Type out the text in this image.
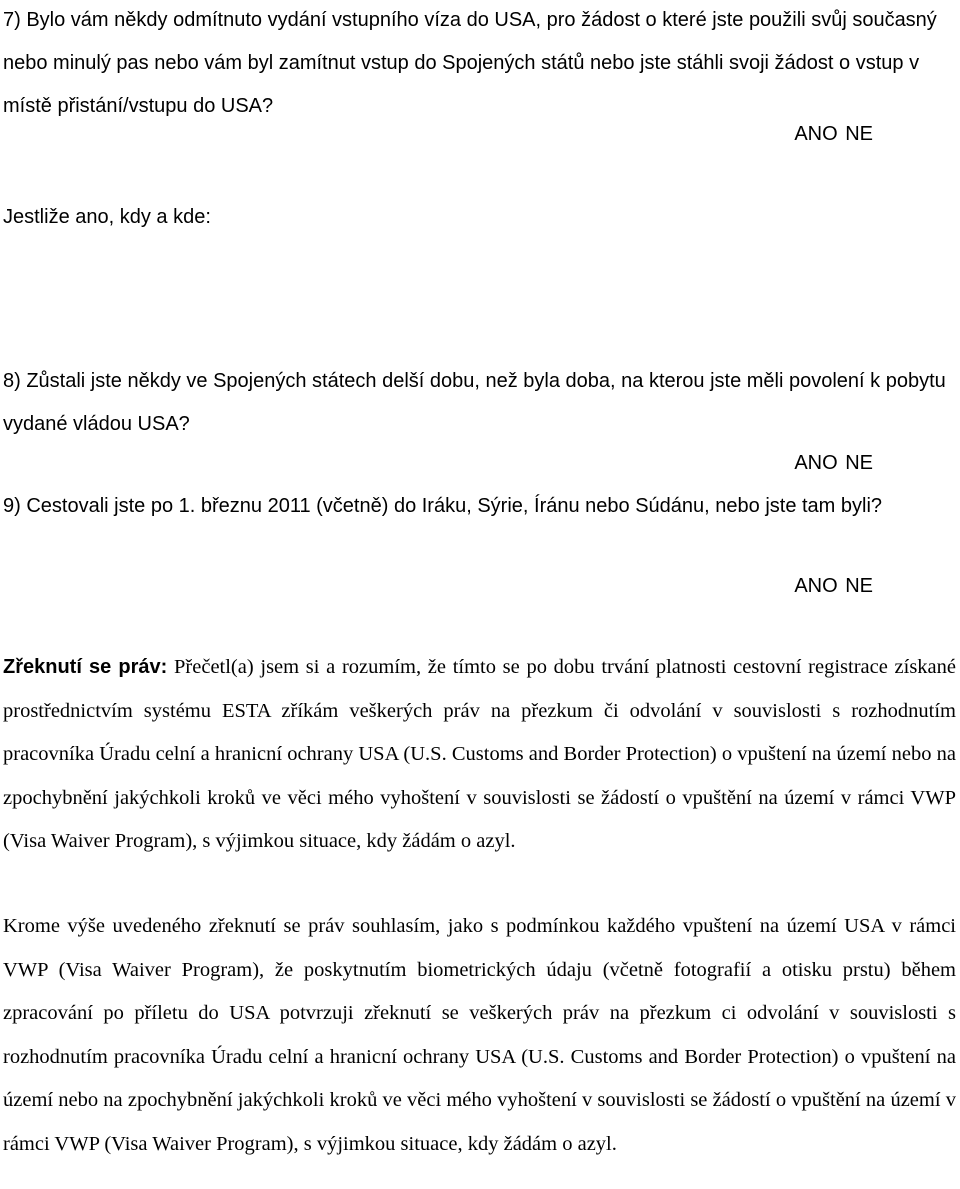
7) Bylo vám někdy odmítnuto vydání vstupního víza do USA, pro žádost o které jste použili svůj současný nebo minulý pas nebo vám byl zamítnut vstup do Spojených států nebo jste stáhli svoji žádost o vstup v místě přistání/vstupu do USA?

ANO NE

Jestliže ano, kdy a kde:

8) Zůstali jste někdy ve Spojených státech delší dobu, než byla doba, na kterou jste měli povolení k pobytu vydané vládou USA?

ANO NE

9) Cestovali jste po 1. březnu 2011 (včetně) do Iráku, Sýrie, Íránu nebo Súdánu, nebo jste tam byli?

ANO NE

Zřeknutí se práv: Přečetl(a) jsem si a rozumím, že tímto se po dobu trvání platnosti cestovní registrace získané prostřednictvím systému ESTA zříkám veškerých práv na přezkum či odvolání v souvislosti s rozhodnutím pracovníka Úradu celní a hranicní ochrany USA (U.S. Customs and Border Protection) o vpuštení na území nebo na zpochybnění jakýchkoli kroků ve věci mého vyhoštení v souvislosti se žádostí o vpuštění na území v rámci VWP (Visa Waiver Program), s výjimkou situace, kdy žádám o azyl.

Krome výše uvedeného zřeknutí se práv souhlasím, jako s podmínkou každého vpuštení na území USA v rámci VWP (Visa Waiver Program), že poskytnutím biometrických údaju (včetně fotografií a otisku prstu) během zpracování po příletu do USA potvrzuji zřeknutí se veškerých práv na přezkum ci odvolání v souvislosti s rozhodnutím pracovníka Úradu celní a hranicní ochrany USA (U.S. Customs and Border Protection) o vpuštení na území nebo na zpochybnění jakýchkoli kroků ve věci mého vyhoštení v souvislosti se žádostí o vpuštění na území v rámci VWP (Visa Waiver Program), s výjimkou situace, kdy žádám o azyl.
